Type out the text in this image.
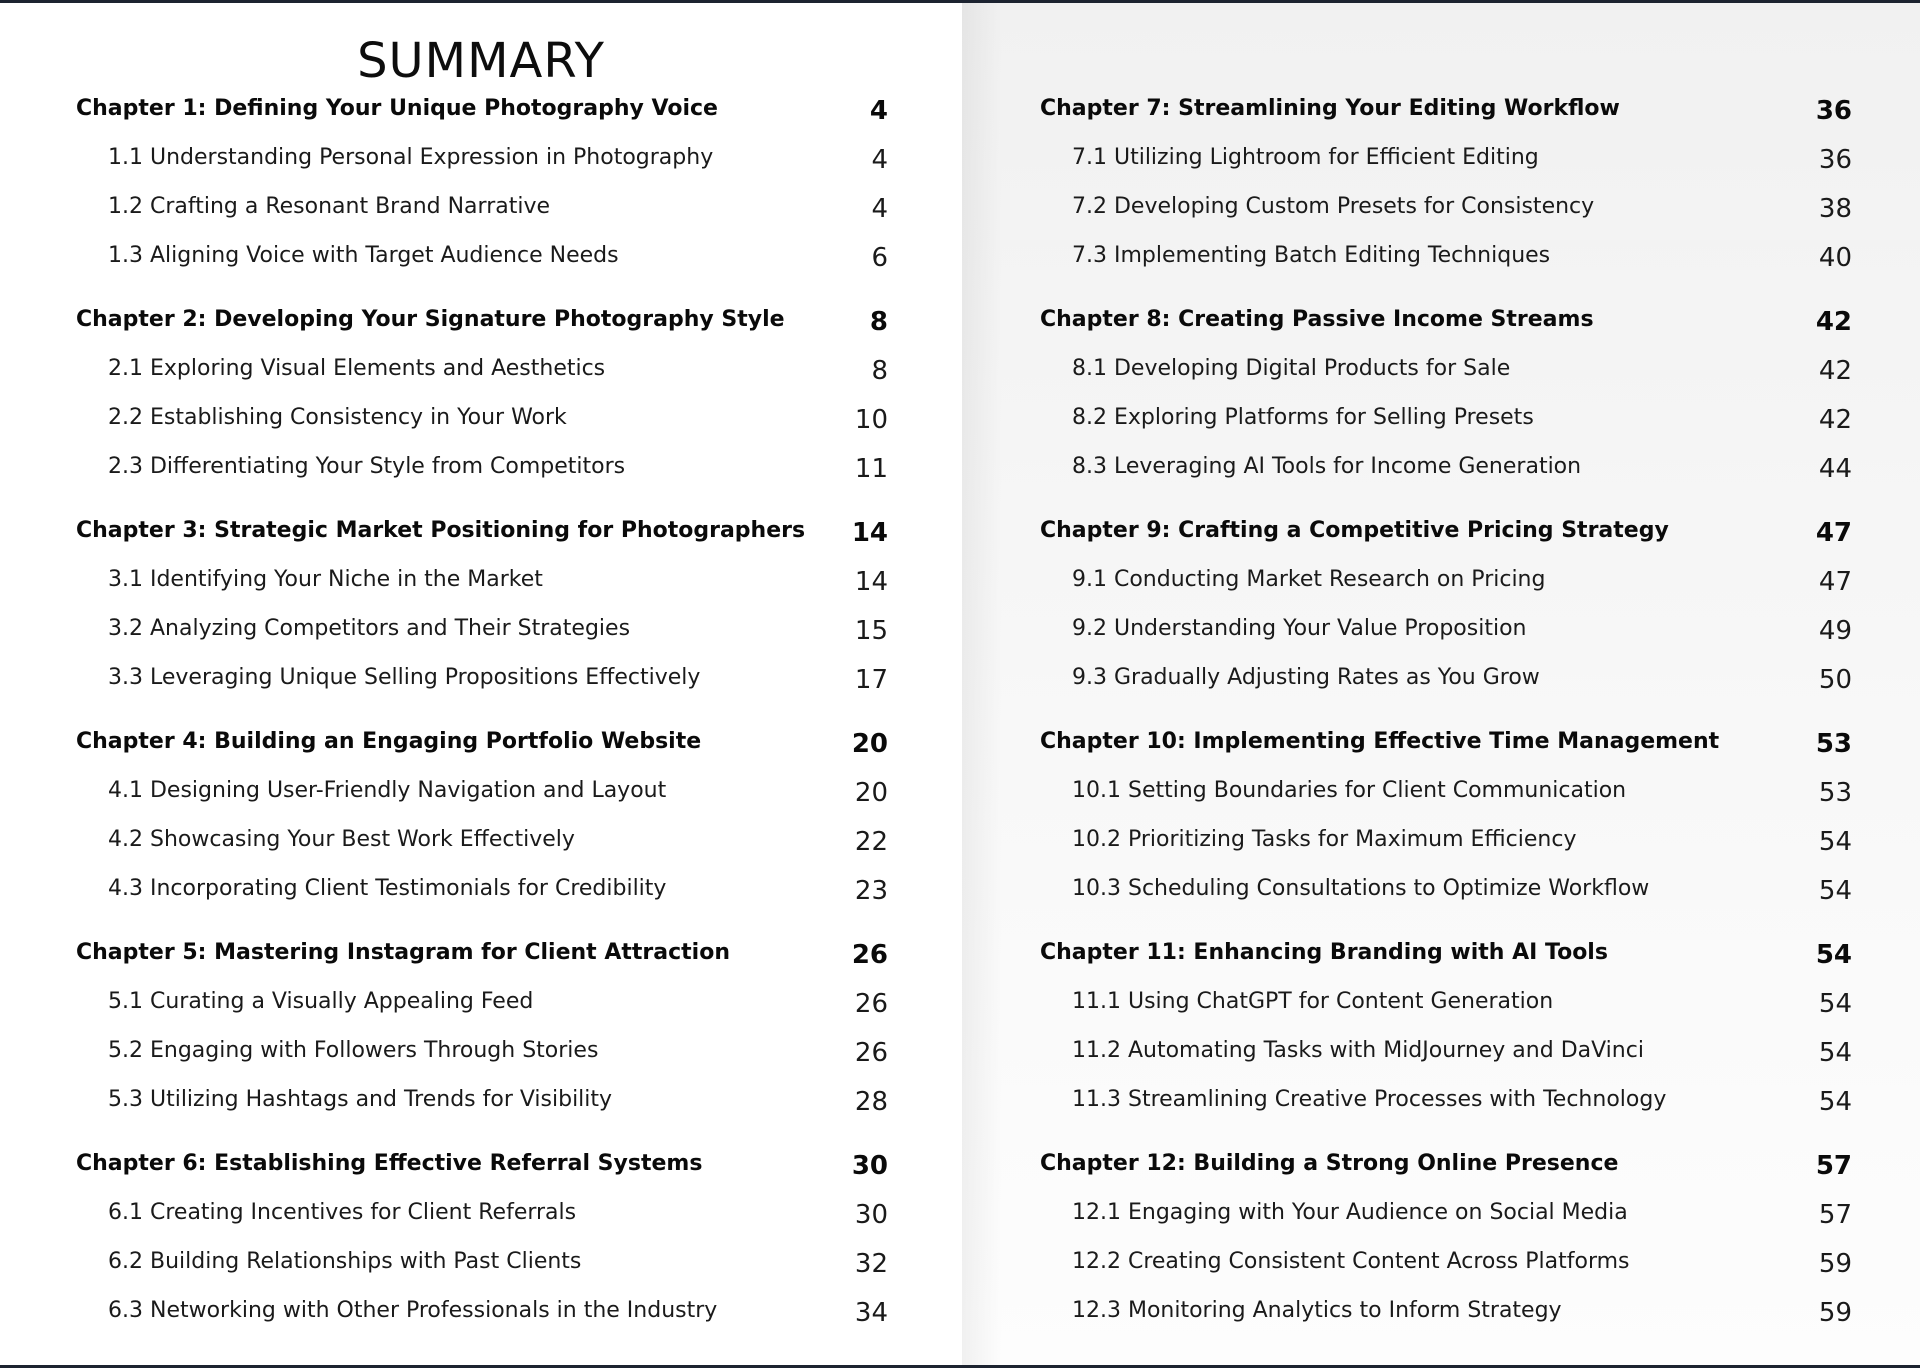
SUMMARY
Chapter 1: Defining Your Unique Photography Voice	4
1.1 Understanding Personal Expression in Photography	4
1.2 Crafting a Resonant Brand Narrative	4
1.3 Aligning Voice with Target Audience Needs	6
Chapter 2: Developing Your Signature Photography Style	8
2.1 Exploring Visual Elements and Aesthetics	8
2.2 Establishing Consistency in Your Work	10
2.3 Differentiating Your Style from Competitors	11
Chapter 3: Strategic Market Positioning for Photographers	14
3.1 Identifying Your Niche in the Market	14
3.2 Analyzing Competitors and Their Strategies	15
3.3 Leveraging Unique Selling Propositions Effectively	17
Chapter 4: Building an Engaging Portfolio Website	20
4.1 Designing User-Friendly Navigation and Layout	20
4.2 Showcasing Your Best Work Effectively	22
4.3 Incorporating Client Testimonials for Credibility	23
Chapter 5: Mastering Instagram for Client Attraction	26
5.1 Curating a Visually Appealing Feed	26
5.2 Engaging with Followers Through Stories	26
5.3 Utilizing Hashtags and Trends for Visibility	28
Chapter 6: Establishing Effective Referral Systems	30
6.1 Creating Incentives for Client Referrals	30
6.2 Building Relationships with Past Clients	32
6.3 Networking with Other Professionals in the Industry	34
Chapter 7: Streamlining Your Editing Workflow	36
7.1 Utilizing Lightroom for Efficient Editing	36
7.2 Developing Custom Presets for Consistency	38
7.3 Implementing Batch Editing Techniques	40
Chapter 8: Creating Passive Income Streams	42
8.1 Developing Digital Products for Sale	42
8.2 Exploring Platforms for Selling Presets	42
8.3 Leveraging AI Tools for Income Generation	44
Chapter 9: Crafting a Competitive Pricing Strategy	47
9.1 Conducting Market Research on Pricing	47
9.2 Understanding Your Value Proposition	49
9.3 Gradually Adjusting Rates as You Grow	50
Chapter 10: Implementing Effective Time Management	53
10.1 Setting Boundaries for Client Communication	53
10.2 Prioritizing Tasks for Maximum Efficiency	54
10.3 Scheduling Consultations to Optimize Workflow	54
Chapter 11: Enhancing Branding with AI Tools	54
11.1 Using ChatGPT for Content Generation	54
11.2 Automating Tasks with MidJourney and DaVinci	54
11.3 Streamlining Creative Processes with Technology	54
Chapter 12: Building a Strong Online Presence	57
12.1 Engaging with Your Audience on Social Media	57
12.2 Creating Consistent Content Across Platforms	59
12.3 Monitoring Analytics to Inform Strategy	59
